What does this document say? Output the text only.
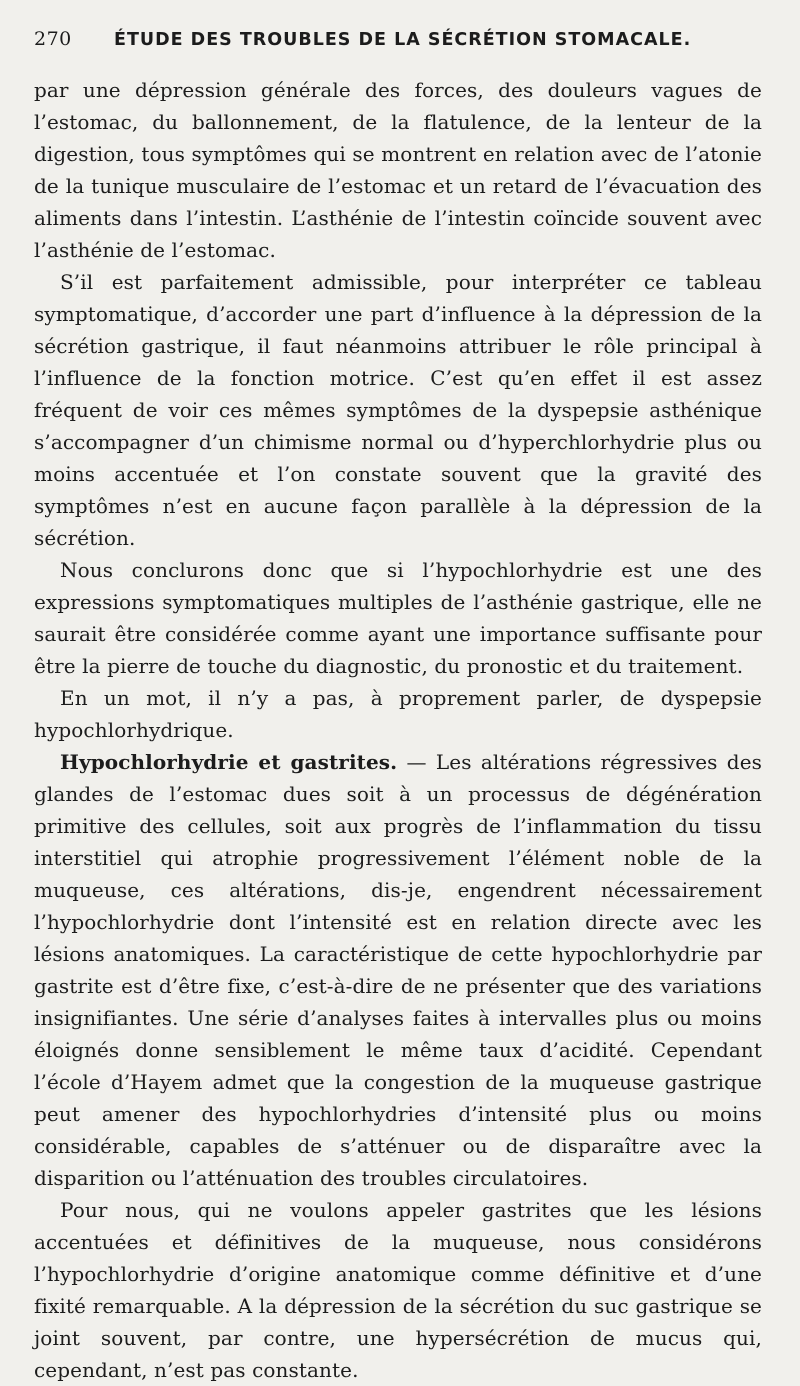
270	ÉTUDE DES TROUBLES DE LA SÉCRÉTION STOMACALE.

par une dépression générale des forces, des douleurs vagues de l’estomac, du ballonnement, de la flatulence, de la lenteur de la digestion, tous symptômes qui se montrent en relation avec de l’atonie de la tunique musculaire de l’estomac et un retard de l’évacuation des aliments dans l’intestin. L’asthénie de l’intestin coïncide souvent avec l’asthénie de l’estomac.

S’il est parfaitement admissible, pour interpréter ce tableau symptomatique, d’accorder une part d’influence à la dépression de la sécrétion gastrique, il faut néanmoins attribuer le rôle principal à l’influence de la fonction motrice. C’est qu’en effet il est assez fréquent de voir ces mêmes symptômes de la dyspepsie asthénique s’accompagner d’un chimisme normal ou d’hyperchlorhydrie plus ou moins accentuée et l’on constate souvent que la gravité des symptômes n’est en aucune façon parallèle à la dépression de la sécrétion.

Nous conclurons donc que si l’hypochlorhydrie est une des expressions symptomatiques multiples de l’asthénie gastrique, elle ne saurait être considérée comme ayant une importance suffisante pour être la pierre de touche du diagnostic, du pronostic et du traitement.

En un mot, il n’y a pas, à proprement parler, de dyspepsie hypochlorhydrique.

Hypochlorhydrie et gastrites. — Les altérations régressives des glandes de l’estomac dues soit à un processus de dégénération primitive des cellules, soit aux progrès de l’inflammation du tissu interstitiel qui atrophie progressivement l’élément noble de la muqueuse, ces altérations, dis-je, engendrent nécessairement l’hypochlorhydrie dont l’intensité est en relation directe avec les lésions anatomiques. La caractéristique de cette hypochlorhydrie par gastrite est d’être fixe, c’est-à-dire de ne présenter que des variations insignifiantes. Une série d’analyses faites à intervalles plus ou moins éloignés donne sensiblement le même taux d’acidité. Cependant l’école d’Hayem admet que la congestion de la muqueuse gastrique peut amener des hypochlorhydries d’intensité plus ou moins considérable, capables de s’atténuer ou de disparaître avec la disparition ou l’atténuation des troubles circulatoires.

Pour nous, qui ne voulons appeler gastrites que les lésions accentuées et définitives de la muqueuse, nous considérons l’hypochlorhydrie d’origine anatomique comme définitive et d’une fixité remarquable. A la dépression de la sécrétion du suc gastrique se joint souvent, par contre, une hypersécrétion de mucus qui, cependant, n’est pas constante.
